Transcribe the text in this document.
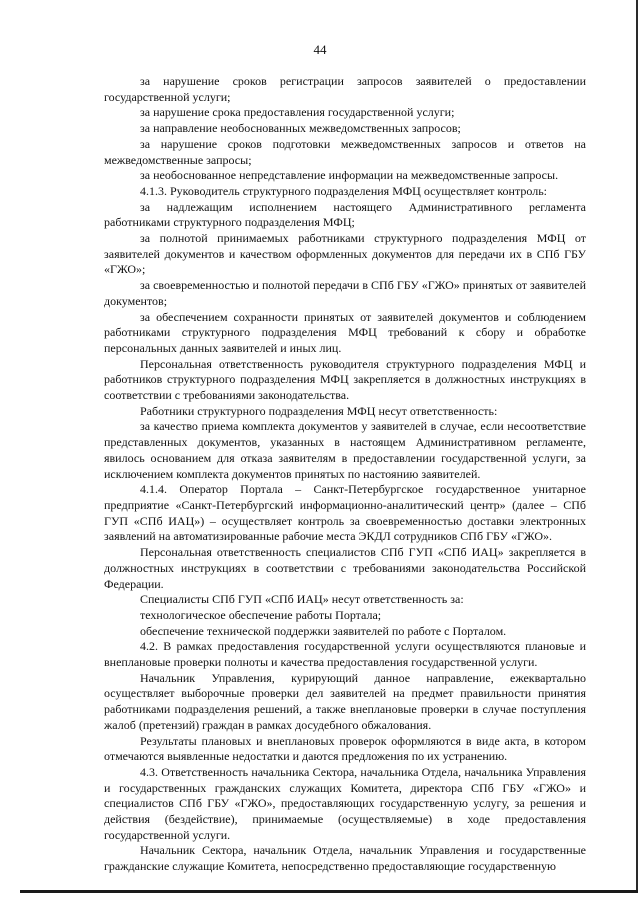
44

за нарушение сроков регистрации запросов заявителей о предоставлении государственной услуги;

за нарушение срока предоставления государственной услуги;

за направление необоснованных межведомственных запросов;

за нарушение сроков подготовки межведомственных запросов и ответов на межведомственные запросы;

за необоснованное непредставление информации на межведомственные запросы.

4.1.3. Руководитель структурного подразделения МФЦ осуществляет контроль:

за надлежащим исполнением настоящего Административного регламента работниками структурного подразделения МФЦ;

за полнотой принимаемых работниками структурного подразделения МФЦ от заявителей документов и качеством оформленных документов для передачи их в СПб ГБУ «ГЖО»;

за своевременностью и полнотой передачи в СПб ГБУ «ГЖО» принятых от заявителей документов;

за обеспечением сохранности принятых от заявителей документов и соблюдением работниками структурного подразделения МФЦ требований к сбору и обработке персональных данных заявителей и иных лиц.

Персональная ответственность руководителя структурного подразделения МФЦ и работников структурного подразделения МФЦ закрепляется в должностных инструкциях в соответствии с требованиями законодательства.

Работники структурного подразделения МФЦ несут ответственность:

за качество приема комплекта документов у заявителей в случае, если несоответствие представленных документов, указанных в настоящем Административном регламенте, явилось основанием для отказа заявителям в предоставлении государственной услуги, за исключением комплекта документов принятых по настоянию заявителей.

4.1.4. Оператор Портала – Санкт-Петербургское государственное унитарное предприятие «Санкт-Петербургский информационно-аналитический центр» (далее – СПб ГУП «СПб ИАЦ») – осуществляет контроль за своевременностью доставки электронных заявлений на автоматизированные рабочие места ЭКДЛ сотрудников СПб ГБУ «ГЖО».

Персональная ответственность специалистов СПб ГУП «СПб ИАЦ» закрепляется в должностных инструкциях в соответствии с требованиями законодательства Российской Федерации.

Специалисты СПб ГУП «СПб ИАЦ» несут ответственность за:

технологическое обеспечение работы Портала;

обеспечение технической поддержки заявителей по работе с Порталом.

4.2. В рамках предоставления государственной услуги осуществляются плановые и внеплановые проверки полноты и качества предоставления государственной услуги.

Начальник Управления, курирующий данное направление, ежеквартально осуществляет выборочные проверки дел заявителей на предмет правильности принятия работниками подразделения решений, а также внеплановые проверки в случае поступления жалоб (претензий) граждан в рамках досудебного обжалования.

Результаты плановых и внеплановых проверок оформляются в виде акта, в котором отмечаются выявленные недостатки и даются предложения по их устранению.

4.3. Ответственность начальника Сектора, начальника Отдела, начальника Управления и государственных гражданских служащих Комитета, директора СПб ГБУ «ГЖО» и специалистов СПб ГБУ «ГЖО», предоставляющих государственную услугу, за решения и действия (бездействие), принимаемые (осуществляемые) в ходе предоставления государственной услуги.

Начальник Сектора, начальник Отдела, начальник Управления и государственные гражданские служащие Комитета, непосредственно предоставляющие государственную
